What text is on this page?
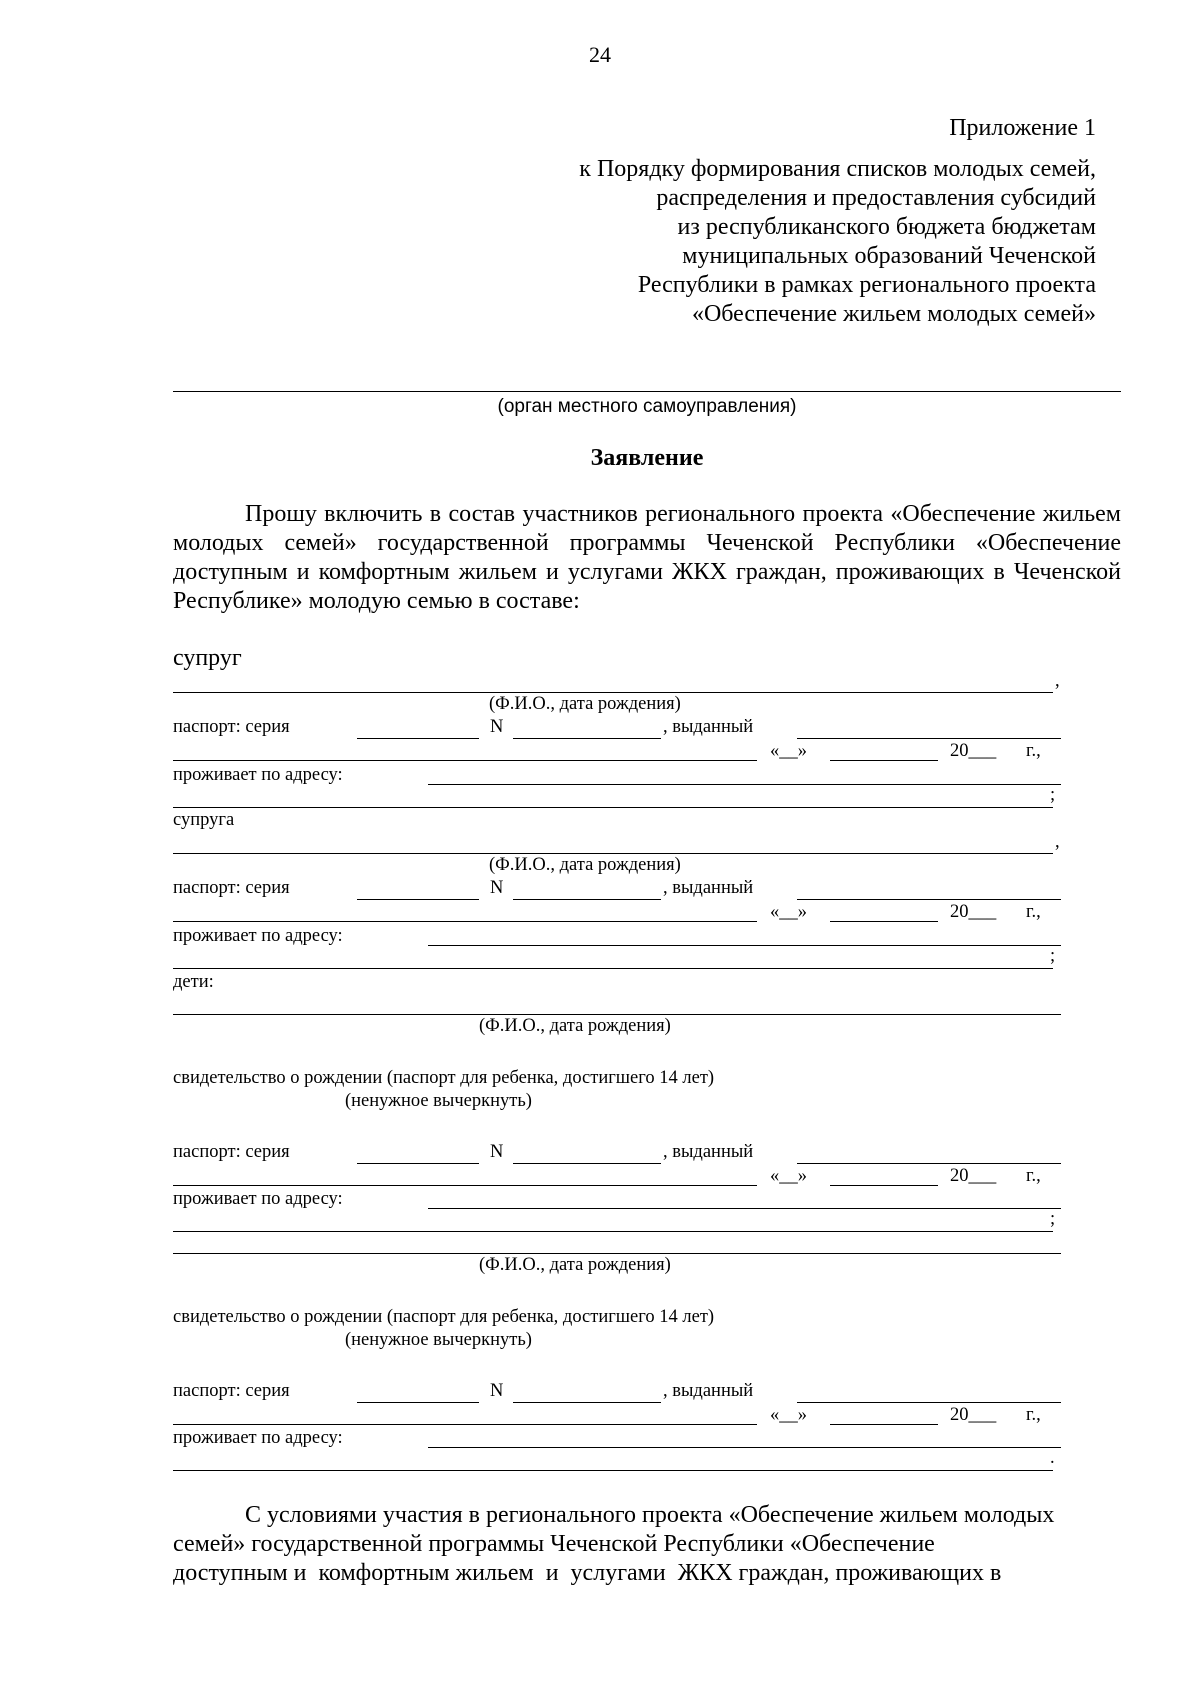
24
Приложение 1
к Порядку формирования списков молодых семей,
распределения и предоставления субсидий
из республиканского бюджета бюджетам
муниципальных образований Чеченской
Республики в рамках регионального проекта
«Обеспечение жильем молодых семей»
(орган местного самоуправления)
Заявление

Прошу включить в состав участников регионального проекта «Обеспечение жильем молодых семей» государственной программы Чеченской Республики «Обеспечение доступным и комфортным жильем и услугами ЖКХ граждан, проживающих в Чеченской Республике» молодую семью в составе:

супруг
,
(Ф.И.О., дата рождения)
паспорт: серия	N	, выданный
«__»	20___ г.,
проживает по адресу:
;
супруга
,
(Ф.И.О., дата рождения)
паспорт: серия	N	, выданный
«__»	20___ г.,
проживает по адресу:
;
дети:
(Ф.И.О., дата рождения)
свидетельство о рождении (паспорт для ребенка, достигшего 14 лет)
(ненужное вычеркнуть)
паспорт: серия	N	, выданный
«__»	20___ г.,
проживает по адресу:
;
(Ф.И.О., дата рождения)
свидетельство о рождении (паспорт для ребенка, достигшего 14 лет)
(ненужное вычеркнуть)
паспорт: серия	N	, выданный
«__»	20___ г.,
проживает по адресу:
.
С условиями участия в регионального проекта «Обеспечение жильем молодых
семей» государственной программы Чеченской Республики «Обеспечение
доступным и  комфортным жильем  и  услугами  ЖКХ граждан, проживающих в
